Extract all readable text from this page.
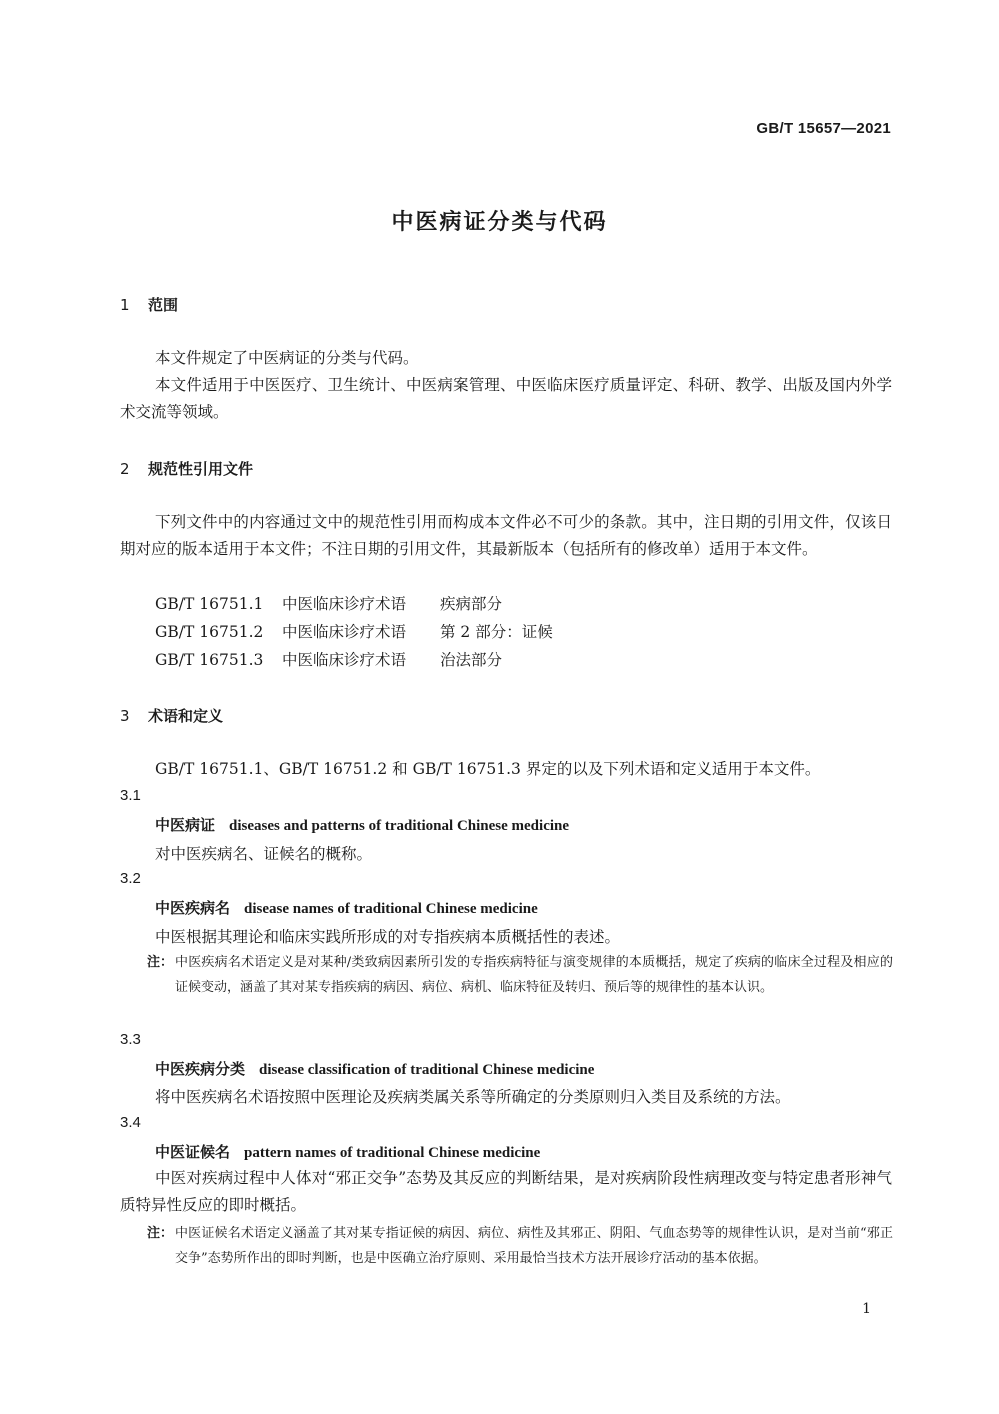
GB/T 15657—2021
中医病证分类与代码
1 范围
本文件规定了中医病证的分类与代码。
本文件适用于中医医疗、卫生统计、中医病案管理、中医临床医疗质量评定、科研、教学、出版及国内外学术交流等领域。
2 规范性引用文件
下列文件中的内容通过文中的规范性引用而构成本文件必不可少的条款。其中，注日期的引用文件，仅该日期对应的版本适用于本文件；不注日期的引用文件，其最新版本（包括所有的修改单）适用于本文件。
GB/T 16751.1 中医临床诊疗术语 疾病部分
GB/T 16751.2 中医临床诊疗术语 第 2 部分：证候
GB/T 16751.3 中医临床诊疗术语 治法部分
3 术语和定义
GB/T 16751.1、GB/T 16751.2 和 GB/T 16751.3 界定的以及下列术语和定义适用于本文件。
3.1
中医病证 diseases and patterns of traditional Chinese medicine
对中医疾病名、证候名的概称。
3.2
中医疾病名 disease names of traditional Chinese medicine
中医根据其理论和临床实践所形成的对专指疾病本质概括性的表述。
注： 中医疾病名术语定义是对某种/类致病因素所引发的专指疾病特征与演变规律的本质概括，规定了疾病的临床全过程及相应的证候变动，涵盖了其对某专指疾病的病因、病位、病机、临床特征及转归、预后等的规律性的基本认识。
3.3
中医疾病分类 disease classification of traditional Chinese medicine
将中医疾病名术语按照中医理论及疾病类属关系等所确定的分类原则归入类目及系统的方法。
3.4
中医证候名 pattern names of traditional Chinese medicine
中医对疾病过程中人体对“邪正交争”态势及其反应的判断结果，是对疾病阶段性病理改变与特定患者形神气质特异性反应的即时概括。
注： 中医证候名术语定义涵盖了其对某专指证候的病因、病位、病性及其邪正、阴阳、气血态势等的规律性认识，是对当前“邪正交争”态势所作出的即时判断，也是中医确立治疗原则、采用最恰当技术方法开展诊疗活动的基本依据。
1
